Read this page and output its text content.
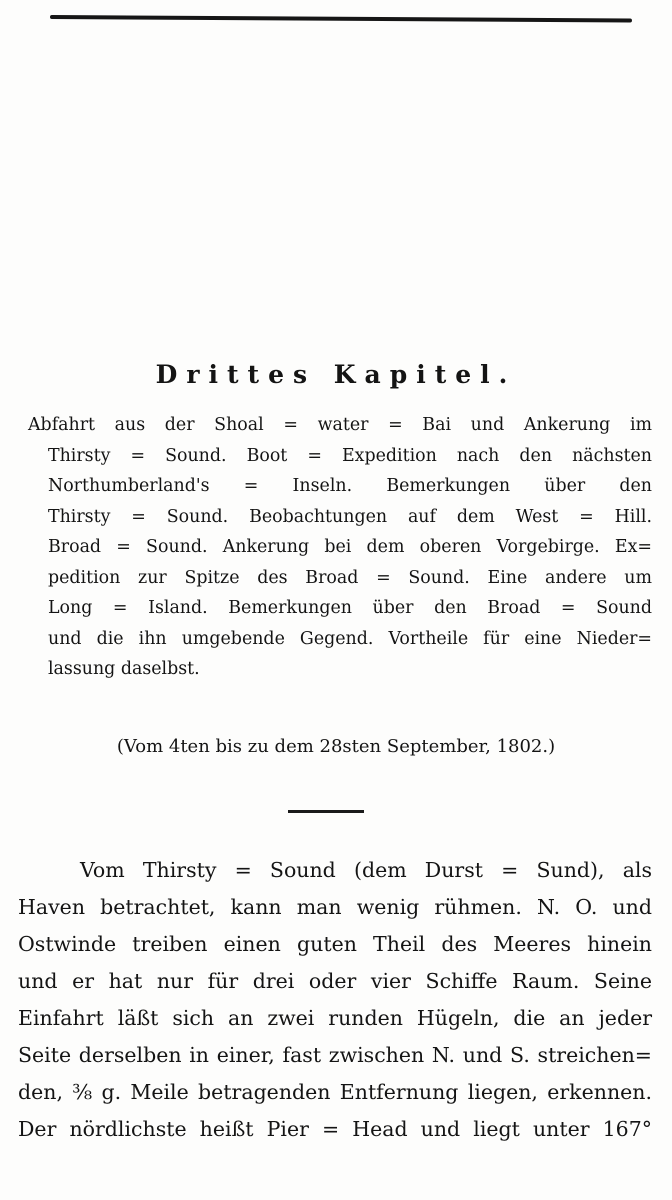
Drittes Kapitel.
Abfahrt aus der Shoal = water = Bai und Ankerung im
Thirsty = Sound. Boot = Expedition nach den nächsten
Northumberland's = Inseln. Bemerkungen über den
Thirsty = Sound. Beobachtungen auf dem West = Hill.
Broad = Sound. Ankerung bei dem oberen Vorgebirge. Ex=
pedition zur Spitze des Broad = Sound. Eine andere um
Long = Island. Bemerkungen über den Broad = Sound
und die ihn umgebende Gegend. Vortheile für eine Nieder=
lassung daselbst.

(Vom 4ten bis zu dem 28sten September, 1802.)

Vom Thirsty = Sound (dem Durst = Sund), als
Haven betrachtet, kann man wenig rühmen. N. O. und
Ostwinde treiben einen guten Theil des Meeres hinein
und er hat nur für drei oder vier Schiffe Raum. Seine
Einfahrt läßt sich an zwei runden Hügeln, die an jeder
Seite derselben in einer, fast zwischen N. und S. streichen=
den, ⅜ g. Meile betragenden Entfernung liegen, erkennen.
Der nördlichste heißt Pier = Head und liegt unter 167°
